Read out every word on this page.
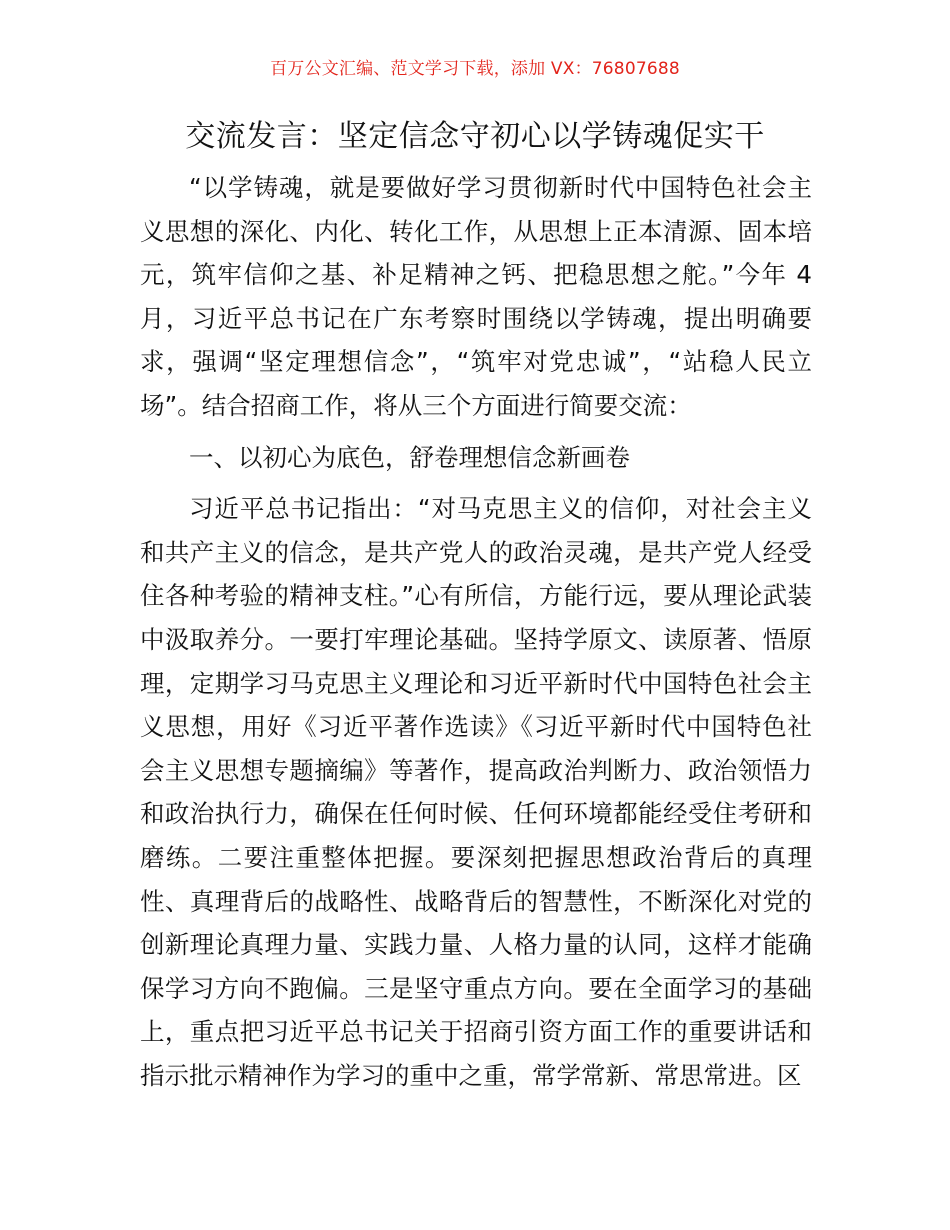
百万公文汇编、范文学习下载，添加 VX：76807688
交流发言：坚定信念守初心以学铸魂促实干

“以学铸魂，就是要做好学习贯彻新时代中国特色社会主义思想的深化、内化、转化工作，从思想上正本清源、固本培元，筑牢信仰之基、补足精神之钙、把稳思想之舵。”今年 4 月，习近平总书记在广东考察时围绕以学铸魂，提出明确要求，强调“坚定理想信念”，“筑牢对党忠诚”，“站稳人民立场”。结合招商工作，将从三个方面进行简要交流：

一、以初心为底色，舒卷理想信念新画卷

习近平总书记指出：“对马克思主义的信仰，对社会主义和共产主义的信念，是共产党人的政治灵魂，是共产党人经受住各种考验的精神支柱。”心有所信，方能行远，要从理论武装中汲取养分。一要打牢理论基础。坚持学原文、读原著、悟原理，定期学习马克思主义理论和习近平新时代中国特色社会主义思想，用好《习近平著作选读》《习近平新时代中国特色社会主义思想专题摘编》等著作，提高政治判断力、政治领悟力和政治执行力，确保在任何时候、任何环境都能经受住考研和磨练。二要注重整体把握。要深刻把握思想政治背后的真理性、真理背后的战略性、战略背后的智慧性，不断深化对党的创新理论真理力量、实践力量、人格力量的认同，这样才能确保学习方向不跑偏。三是坚守重点方向。要在全面学习的基础上，重点把习近平总书记关于招商引资方面工作的重要讲话和指示批示精神作为学习的重中之重，常学常新、常思常进。区
